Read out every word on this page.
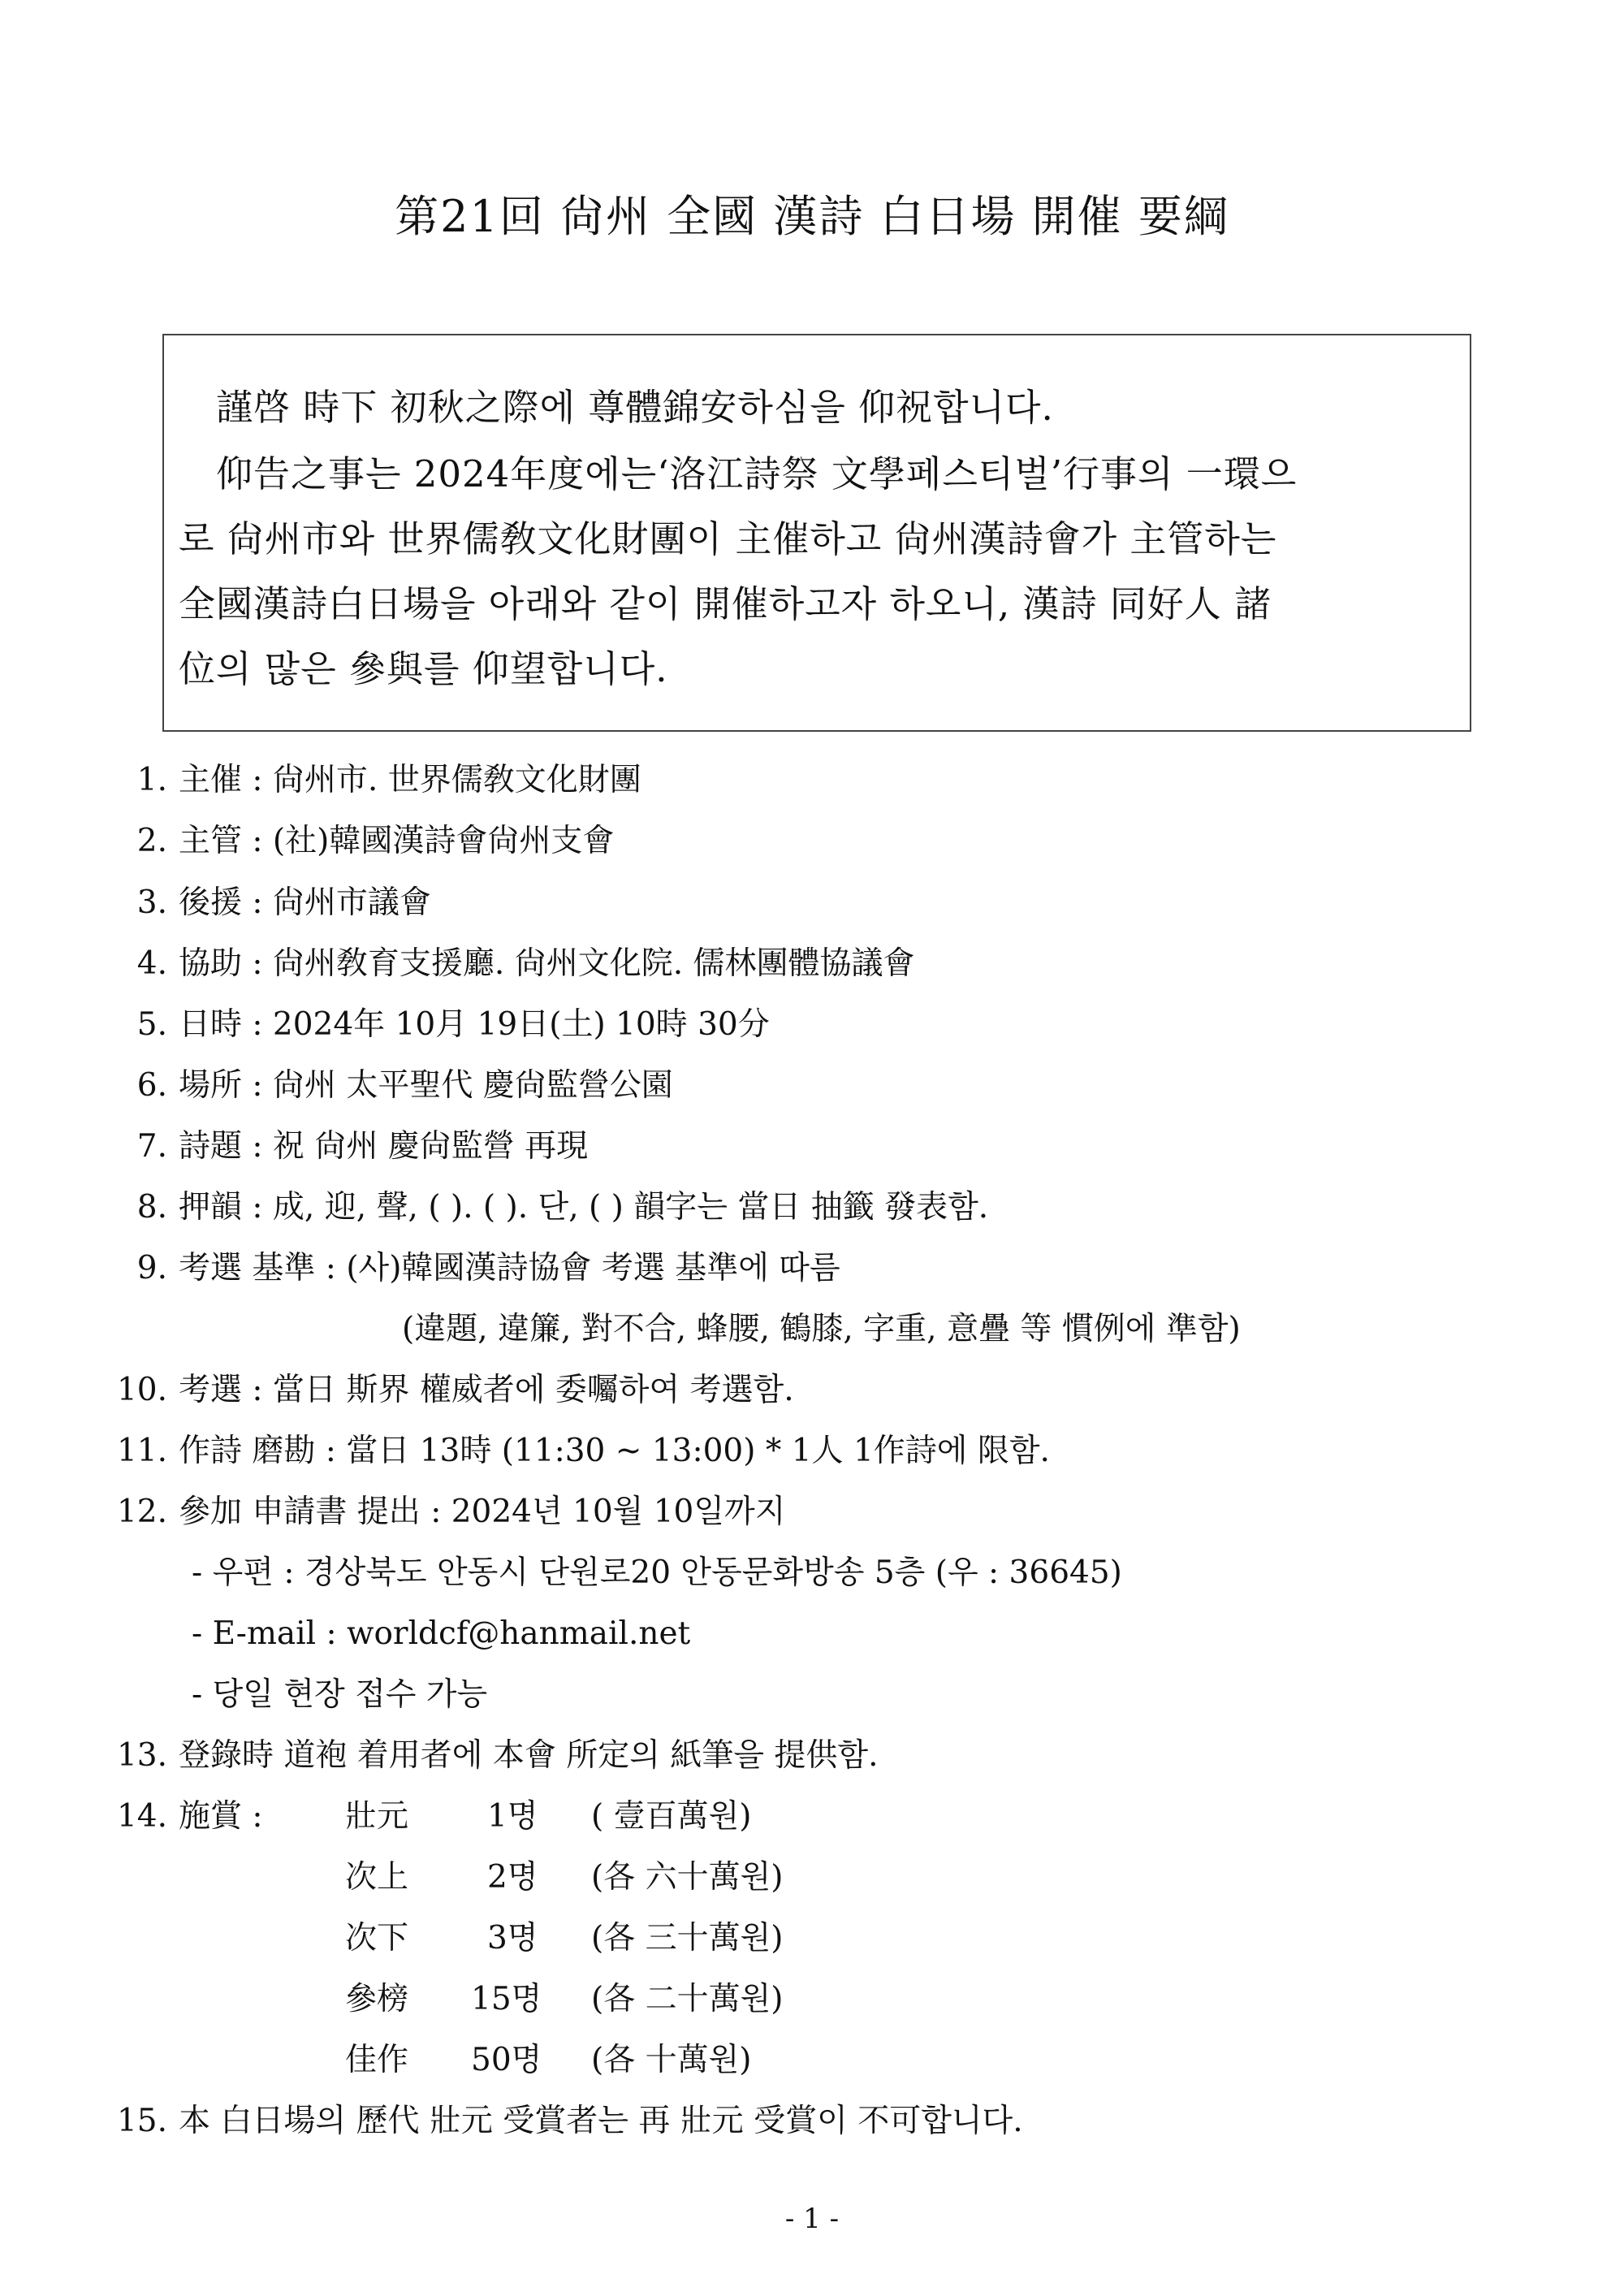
第21回 尙州 全國 漢詩 白日場 開催 要綱

　謹啓 時下 初秋之際에 尊體錦安하심을 仰祝합니다.

　仰告之事는 2024年度에는‘洛江詩祭 文學페스티벌’行事의 一環으

로 尙州市와 世界儒敎文化財團이 主催하고 尙州漢詩會가 主管하는

全國漢詩白日場을 아래와 같이 開催하고자 하오니, 漢詩 同好人 諸

位의 많은 參與를 仰望합니다.

1. 主催 : 尙州市. 世界儒敎文化財團
2. 主管 : (社)韓國漢詩會尙州支會
3. 後援 : 尙州市議會
4. 協助 : 尙州敎育支援廳. 尙州文化院. 儒林團體協議會
5. 日時 : 2024年 10月 19日(土) 10時 30分
6. 場所 : 尙州 太平聖代 慶尙監營公園
7. 詩題 : 祝 尙州 慶尙監營 再現
8. 押韻 : 成, 迎, 聲, ( ). ( ). 단, ( ) 韻字는 當日 抽籤 發表함.
9. 考選 基準 : (사)韓國漢詩協會 考選 基準에 따름
(違題, 違簾, 對不合, 蜂腰, 鶴膝, 字重, 意疊 等 慣例에 準함)
10. 考選 : 當日 斯界 權威者에 委囑하여 考選함.
11. 作詩 磨勘 : 當日 13時 (11:30 ~ 13:00) * 1人 1作詩에 限함.
12. 參加 申請書 提出 : 2024년 10월 10일까지
- 우편 : 경상북도 안동시 단원로20 안동문화방송 5층 (우 : 36645)
- E-mail : worldcf@hanmail.net
- 당일 현장 접수 가능
13. 登錄時 道袍 着用者에 本會 所定의 紙筆을 提供함.
14. 施賞 :	壯元 1명 ( 壹百萬원)
次上 2명 (各 六十萬원)
次下 3명 (各 三十萬원)
參榜 15명 (各 二十萬원)
佳作 50명 (各 十萬원)
15. 本 白日場의 歷代 壯元 受賞者는 再 壯元 受賞이 不可합니다.
- 1 -
